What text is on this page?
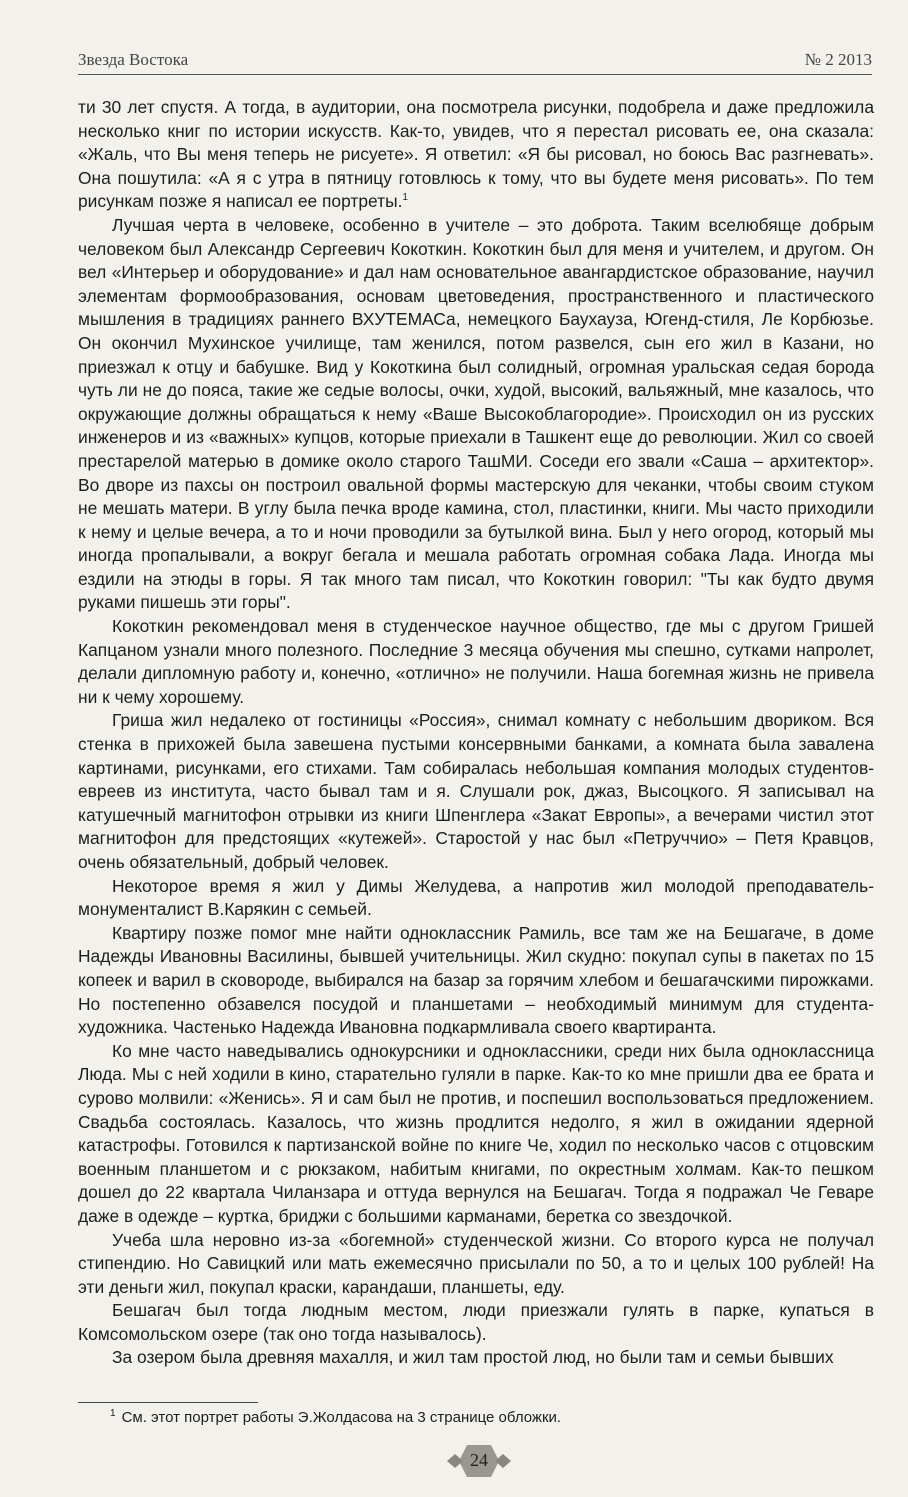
Звезда Востока	№ 2 2013

ти 30 лет спустя. А тогда, в аудитории, она посмотрела рисунки, подобрела и даже предложила несколько книг по истории искусств. Как-то, увидев, что я перестал рисовать ее, она сказала: «Жаль, что Вы меня теперь не рисуете». Я ответил: «Я бы рисовал, но боюсь Вас разгневать». Она пошутила: «А я с утра в пятницу готовлюсь к тому, что вы будете меня рисовать». По тем рисункам позже я написал ее портреты.$^1$

Лучшая черта в человеке, особенно в учителе – это доброта. Таким вселюбяще добрым человеком был Александр Сергеевич Кокоткин. Кокоткин был для меня и учителем, и другом. Он вел «Интерьер и оборудование» и дал нам основательное авангардистское образование, научил элементам формообразования, основам цветоведения, пространственного и пластического мышления в традициях раннего ВХУТЕМАСа, немецкого Баухауза, Югенд-стиля, Ле Корбюзье. Он окончил Мухинское училище, там женился, потом развелся, сын его жил в Казани, но приезжал к отцу и бабушке. Вид у Кокоткина был солидный, огромная уральская седая борода чуть ли не до пояса, такие же седые волосы, очки, худой, высокий, вальяжный, мне казалось, что окружающие должны обращаться к нему «Ваше Высокоблагородие». Происходил он из русских инженеров и из «важных» купцов, которые приехали в Ташкент еще до революции. Жил со своей престарелой матерью в домике около старого ТашМИ. Соседи его звали «Саша – архитектор». Во дворе из пахсы он построил овальной формы мастерскую для чеканки, чтобы своим стуком не мешать матери. В углу была печка вроде камина, стол, пластинки, книги. Мы часто приходили к нему и целые вечера, а то и ночи проводили за бутылкой вина. Был у него огород, который мы иногда пропалывали, а вокруг бегала и мешала работать огромная собака Лада. Иногда мы ездили на этюды в горы. Я так много там писал, что Кокоткин говорил: "Ты как будто двумя руками пишешь эти горы".

Кокоткин рекомендовал меня в студенческое научное общество, где мы с другом Гришей Капцаном узнали много полезного. Последние 3 месяца обучения мы спешно, сутками напролет, делали дипломную работу и, конечно, «отлично» не получили. Наша богемная жизнь не привела ни к чему хорошему.

Гриша жил недалеко от гостиницы «Россия», снимал комнату с небольшим двориком. Вся стенка в прихожей была завешена пустыми консервными банками, а комната была завалена картинами, рисунками, его стихами. Там собиралась небольшая компания молодых студентов-евреев из института, часто бывал там и я. Слушали рок, джаз, Высоцкого. Я записывал на катушечный магнитофон отрывки из книги Шпенглера «Закат Европы», а вечерами чистил этот магнитофон для предстоящих «кутежей». Старостой у нас был «Петруччио» – Петя Кравцов, очень обязательный, добрый человек.

Некоторое время я жил у Димы Желудева, а напротив жил молодой преподаватель-монументалист В.Карякин с семьей.

Квартиру позже помог мне найти одноклассник Рамиль, все там же на Бешагаче, в доме Надежды Ивановны Василины, бывшей учительницы. Жил скудно: покупал супы в пакетах по 15 копеек и варил в сковороде, выбирался на базар за горячим хлебом и бешагачскими пирожками. Но постепенно обзавелся посудой и планшетами – необходимый минимум для студента-художника. Частенько Надежда Ивановна подкармливала своего квартиранта.

Ко мне часто наведывались однокурсники и одноклассники, среди них была одноклассница Люда. Мы с ней ходили в кино, старательно гуляли в парке. Как-то ко мне пришли два ее брата и сурово молвили: «Женись». Я и сам был не против, и поспешил воспользоваться предложением. Свадьба состоялась. Казалось, что жизнь продлится недолго, я жил в ожидании ядерной катастрофы. Готовился к партизанской войне по книге Че, ходил по несколько часов с отцовским военным планшетом и с рюкзаком, набитым книгами, по окрестным холмам. Как-то пешком дошел до 22 квартала Чиланзара и оттуда вернулся на Бешагач. Тогда я подражал Че Геваре даже в одежде – куртка, бриджи с большими карманами, беретка со звездочкой.

Учеба шла неровно из-за «богемной» студенческой жизни. Со второго курса не получал стипендию. Но Савицкий или мать ежемесячно присылали по 50, а то и целых 100 рублей! На эти деньги жил, покупал краски, карандаши, планшеты, еду.

Бешагач был тогда людным местом, люди приезжали гулять в парке, купаться в Комсомольском озере (так оно тогда называлось).

За озером была древняя махалля, и жил там простой люд, но были там и семьи бывших

$^1$ См. этот портрет работы Э.Жолдасова на 3 странице обложки.
24
